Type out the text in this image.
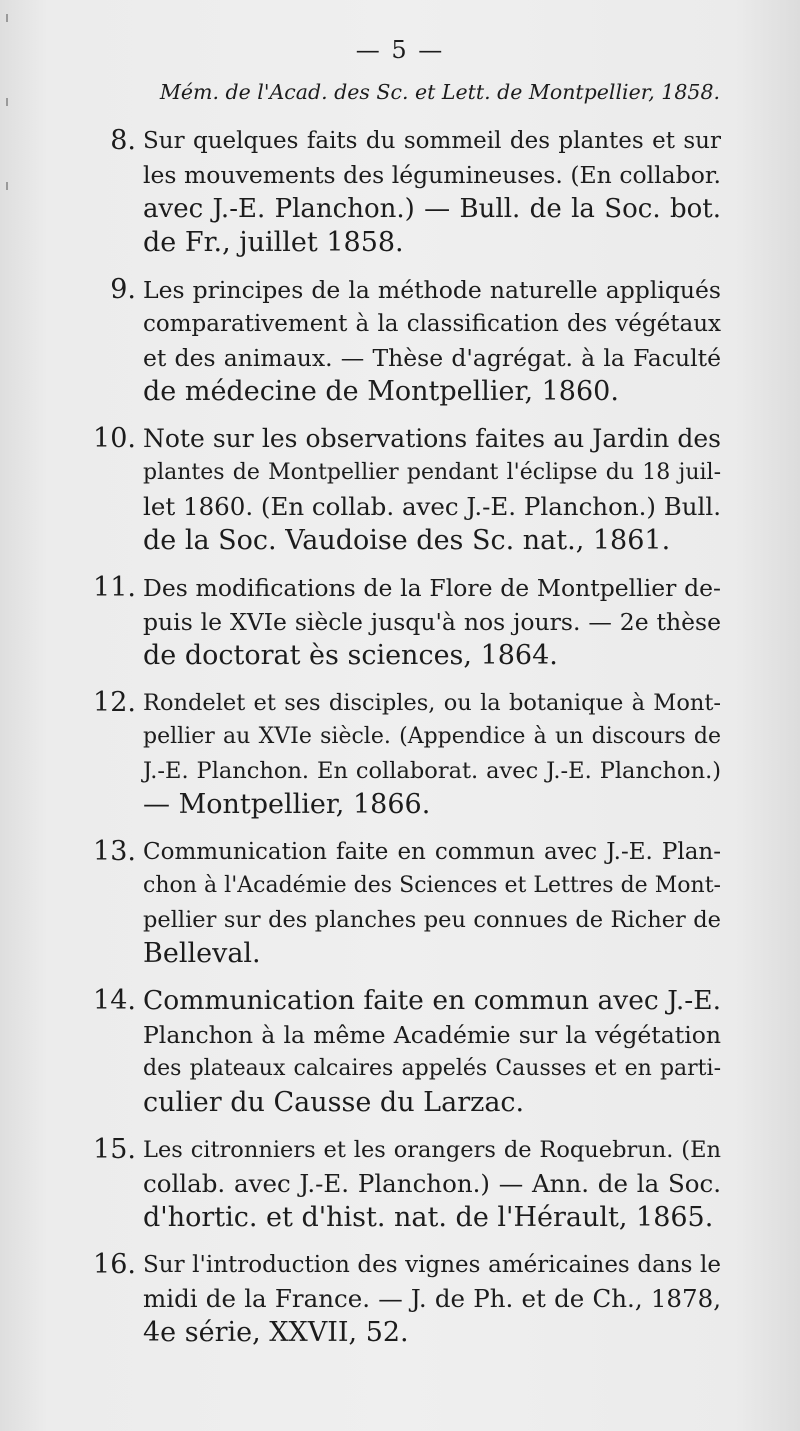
— 5 —
Mém. de l'Acad. des Sc. et Lett. de Montpellier, 1858.
8. Sur quelques faits du sommeil des plantes et sur
les mouvements des légumineuses. (En collabor.
avec J.-E. Planchon.) — Bull. de la Soc. bot.
de Fr., juillet 1858.
9. Les principes de la méthode naturelle appliqués
comparativement à la classification des végétaux
et des animaux. — Thèse d'agrégat. à la Faculté
de médecine de Montpellier, 1860.
10. Note sur les observations faites au Jardin des
plantes de Montpellier pendant l'éclipse du 18 juil-
let 1860. (En collab. avec J.-E. Planchon.) Bull.
de la Soc. Vaudoise des Sc. nat., 1861.
11. Des modifications de la Flore de Montpellier de-
puis le XVIe siècle jusqu'à nos jours. — 2e thèse
de doctorat ès sciences, 1864.
12. Rondelet et ses disciples, ou la botanique à Mont-
pellier au XVIe siècle. (Appendice à un discours de
J.-E. Planchon. En collaborat. avec J.-E. Planchon.)
— Montpellier, 1866.
13. Communication faite en commun avec J.-E. Plan-
chon à l'Académie des Sciences et Lettres de Mont-
pellier sur des planches peu connues de Richer de
Belleval.
14. Communication faite en commun avec J.-E.
Planchon à la même Académie sur la végétation
des plateaux calcaires appelés Causses et en parti-
culier du Causse du Larzac.
15. Les citronniers et les orangers de Roquebrun. (En
collab. avec J.-E. Planchon.) — Ann. de la Soc.
d'hortic. et d'hist. nat. de l'Hérault, 1865.
16. Sur l'introduction des vignes américaines dans le
midi de la France. — J. de Ph. et de Ch., 1878,
4e série, XXVII, 52.
